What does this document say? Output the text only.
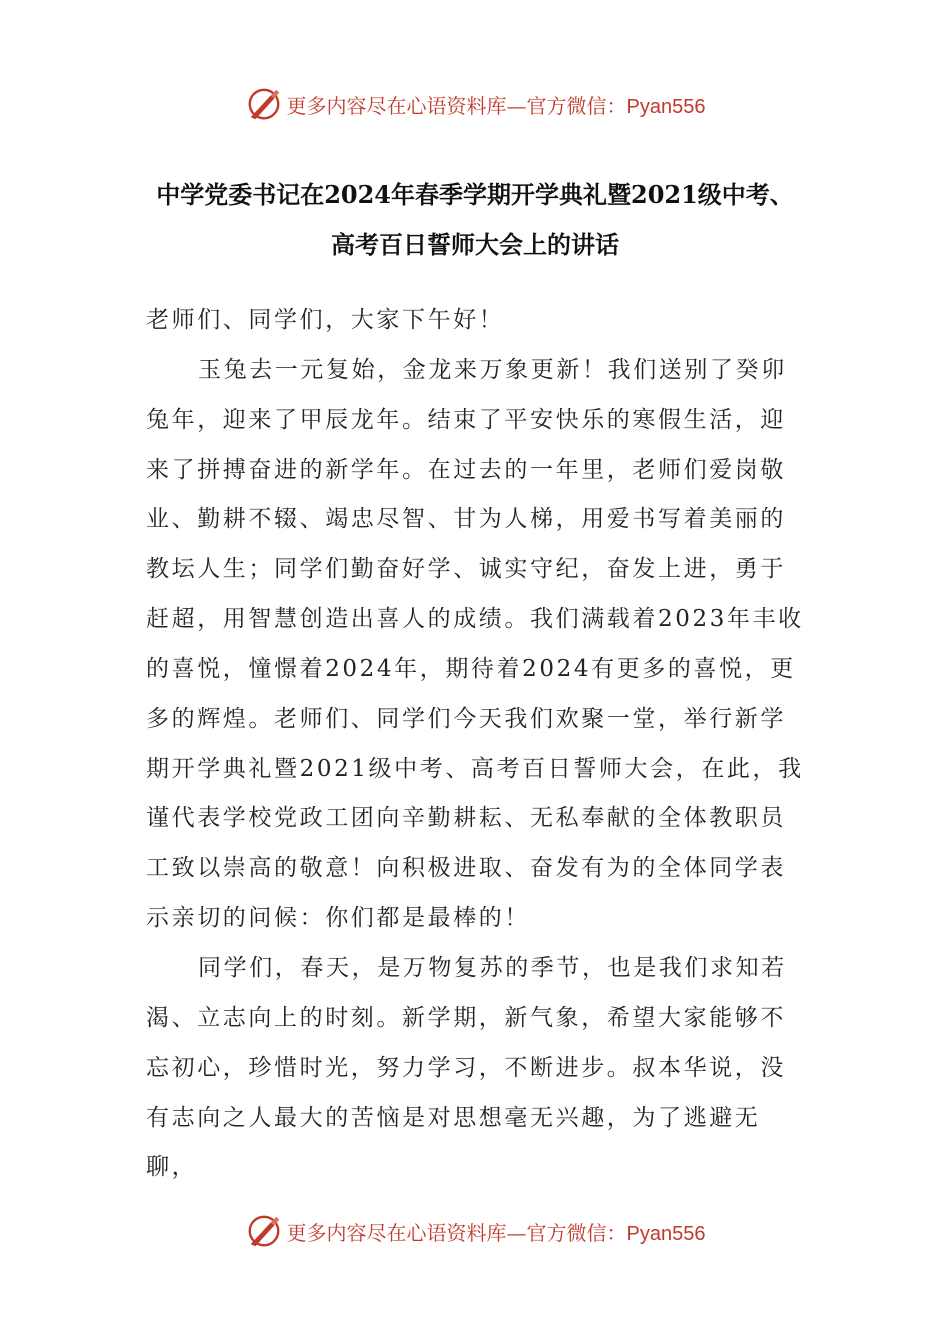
更多内容尽在心语资料库—官方微信：Pyan556
中学党委书记在2024年春季学期开学典礼暨2021级中考、
高考百日誓师大会上的讲话

老师们、同学们，大家下午好！

玉兔去一元复始，金龙来万象更新！我们送别了癸卯兔年，迎来了甲辰龙年。结束了平安快乐的寒假生活，迎来了拼搏奋进的新学年。在过去的一年里，老师们爱岗敬业、勤耕不辍、竭忠尽智、甘为人梯，用爱书写着美丽的教坛人生；同学们勤奋好学、诚实守纪，奋发上进，勇于赶超，用智慧创造出喜人的成绩。我们满载着2023年丰收的喜悦，憧憬着2024年，期待着2024有更多的喜悦，更多的辉煌。老师们、同学们今天我们欢聚一堂，举行新学期开学典礼暨2021级中考、高考百日誓师大会，在此，我谨代表学校党政工团向辛勤耕耘、无私奉献的全体教职员工致以崇高的敬意！向积极进取、奋发有为的全体同学表示亲切的问候：你们都是最棒的！

同学们，春天，是万物复苏的季节，也是我们求知若渴、立志向上的时刻。新学期，新气象，希望大家能够不忘初心，珍惜时光，努力学习，不断进步。叔本华说，没有志向之人最大的苦恼是对思想毫无兴趣，为了逃避无聊，

更多内容尽在心语资料库—官方微信：Pyan556
